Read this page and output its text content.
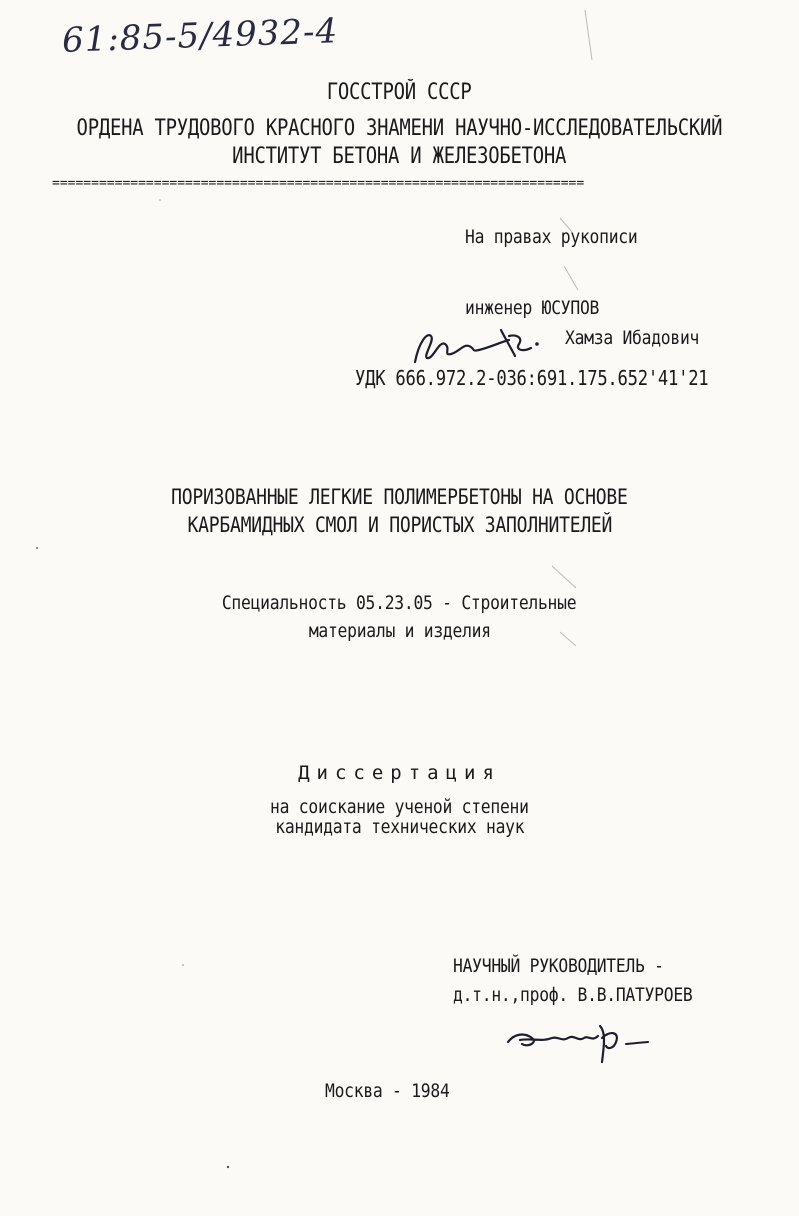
61:85-5/4932-4
ГОССТРОЙ СССР
ОРДЕНА ТРУДОВОГО КРАСНОГО ЗНАМЕНИ НАУЧНО-ИССЛЕДОВАТЕЛЬСКИЙ
ИНСТИТУТ БЕТОНА И ЖЕЛЕЗОБЕТОНА
====================================================================
На правах рукописи
инженер ЮСУПОВ
Хамза Ибадович
УДК 666.972.2-036:691.175.652'41'21
ПОРИЗОВАННЫЕ ЛЕГКИЕ ПОЛИМЕРБЕТОНЫ НА ОСНОВЕ
КАРБАМИДНЫХ СМОЛ И ПОРИСТЫХ ЗАПОЛНИТЕЛЕЙ
Специальность 05.23.05 - Строительные
материалы и изделия
Диссертация
на соискание ученой степени
кандидата технических наук
НАУЧНЫЙ РУКОВОДИТЕЛЬ -
д.т.н.,проф. В.В.ПАТУРОЕВ
Москва - 1984
